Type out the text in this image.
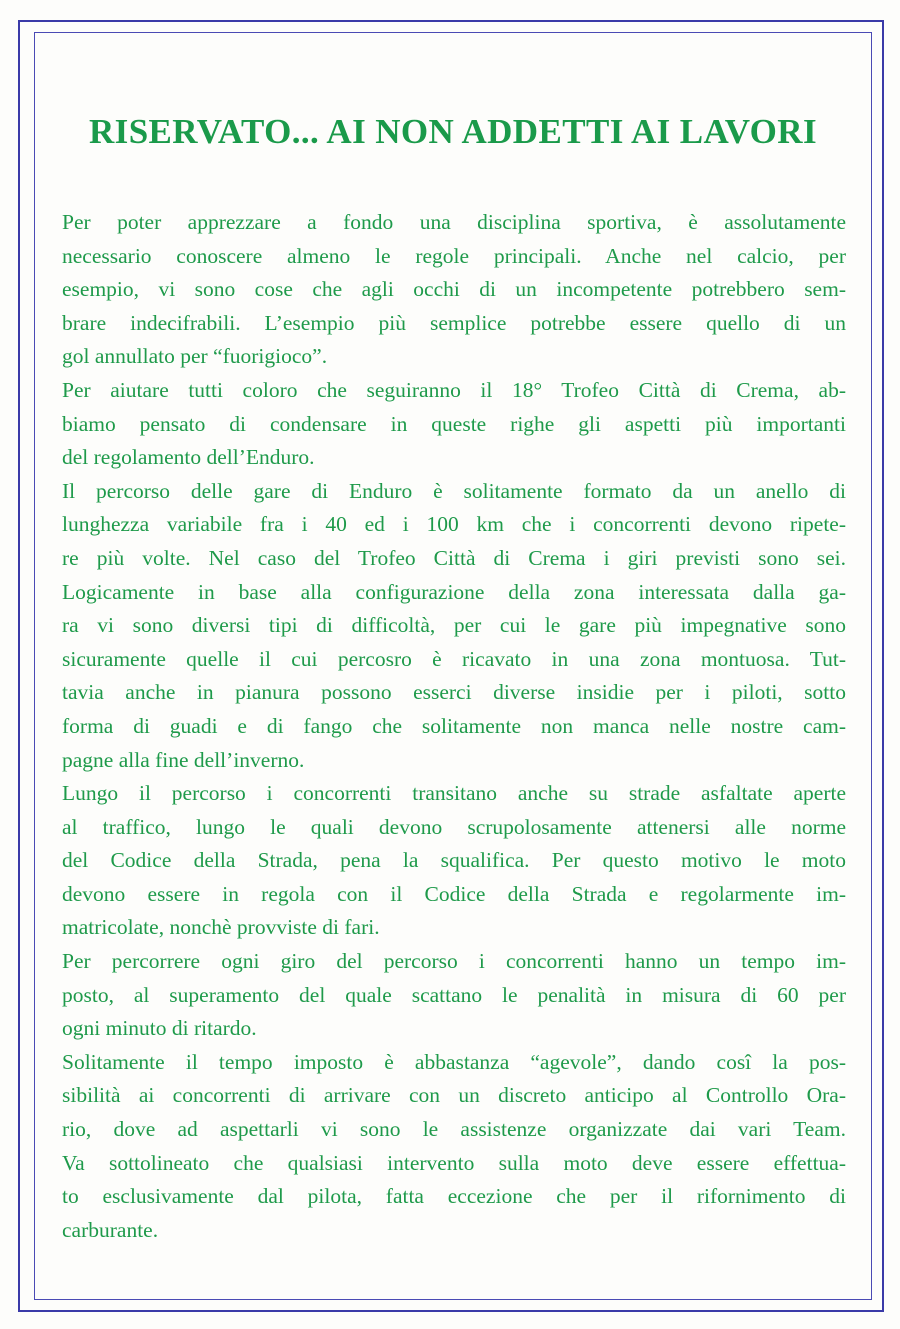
RISERVATO... AI NON ADDETTI AI LAVORI
Per poter apprezzare a fondo una disciplina sportiva, è assolutamente
necessario conoscere almeno le regole principali. Anche nel calcio, per
esempio, vi sono cose che agli occhi di un incompetente potrebbero sem-
brare indecifrabili. L’esempio più semplice potrebbe essere quello di un
gol annullato per “fuorigioco”.
Per aiutare tutti coloro che seguiranno il 18° Trofeo Città di Crema, ab-
biamo pensato di condensare in queste righe gli aspetti più importanti
del regolamento dell’Enduro.
Il percorso delle gare di Enduro è solitamente formato da un anello di
lunghezza variabile fra i 40 ed i 100 km che i concorrenti devono ripete-
re più volte. Nel caso del Trofeo Città di Crema i giri previsti sono sei.
Logicamente in base alla configurazione della zona interessata dalla ga-
ra vi sono diversi tipi di difficoltà, per cui le gare più impegnative sono
sicuramente quelle il cui percosro è ricavato in una zona montuosa. Tut-
tavia anche in pianura possono esserci diverse insidie per i piloti, sotto
forma di guadi e di fango che solitamente non manca nelle nostre cam-
pagne alla fine dell’inverno.
Lungo il percorso i concorrenti transitano anche su strade asfaltate aperte
al traffico, lungo le quali devono scrupolosamente attenersi alle norme
del Codice della Strada, pena la squalifica. Per questo motivo le moto
devono essere in regola con il Codice della Strada e regolarmente im-
matricolate, nonchè provviste di fari.
Per percorrere ogni giro del percorso i concorrenti hanno un tempo im-
posto, al superamento del quale scattano le penalità in misura di 60 per
ogni minuto di ritardo.
Solitamente il tempo imposto è abbastanza “agevole”, dando cosî la pos-
sibilità ai concorrenti di arrivare con un discreto anticipo al Controllo Ora-
rio, dove ad aspettarli vi sono le assistenze organizzate dai vari Team.
Va sottolineato che qualsiasi intervento sulla moto deve essere effettua-
to esclusivamente dal pilota, fatta eccezione che per il rifornimento di
carburante.
